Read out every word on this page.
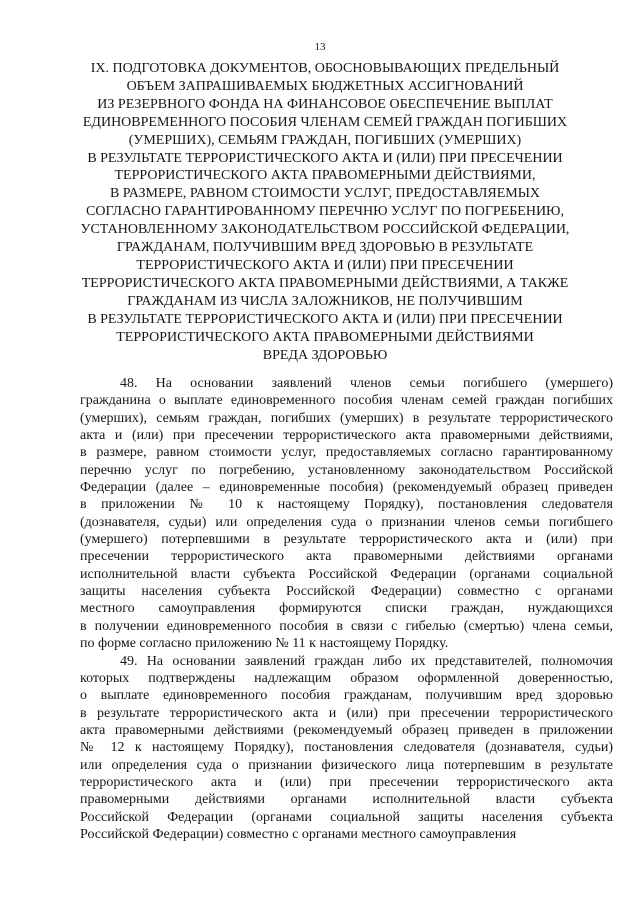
13
IX. ПОДГОТОВКА ДОКУМЕНТОВ, ОБОСНОВЫВАЮЩИХ ПРЕДЕЛЬНЫЙ
ОБЪЕМ ЗАПРАШИВАЕМЫХ БЮДЖЕТНЫХ АССИГНОВАНИЙ
ИЗ РЕЗЕРВНОГО ФОНДА НА ФИНАНСОВОЕ ОБЕСПЕЧЕНИЕ ВЫПЛАТ
ЕДИНОВРЕМЕННОГО ПОСОБИЯ ЧЛЕНАМ СЕМЕЙ ГРАЖДАН ПОГИБШИХ
(УМЕРШИХ), СЕМЬЯМ ГРАЖДАН, ПОГИБШИХ (УМЕРШИХ)
В РЕЗУЛЬТАТЕ ТЕРРОРИСТИЧЕСКОГО АКТА И (ИЛИ) ПРИ ПРЕСЕЧЕНИИ
ТЕРРОРИСТИЧЕСКОГО АКТА ПРАВОМЕРНЫМИ ДЕЙСТВИЯМИ,
В РАЗМЕРЕ, РАВНОМ СТОИМОСТИ УСЛУГ, ПРЕДОСТАВЛЯЕМЫХ
СОГЛАСНО ГАРАНТИРОВАННОМУ ПЕРЕЧНЮ УСЛУГ ПО ПОГРЕБЕНИЮ,
УСТАНОВЛЕННОМУ ЗАКОНОДАТЕЛЬСТВОМ РОССИЙСКОЙ ФЕДЕРАЦИИ,
ГРАЖДАНАМ, ПОЛУЧИВШИМ ВРЕД ЗДОРОВЬЮ В РЕЗУЛЬТАТЕ
ТЕРРОРИСТИЧЕСКОГО АКТА И (ИЛИ) ПРИ ПРЕСЕЧЕНИИ
ТЕРРОРИСТИЧЕСКОГО АКТА ПРАВОМЕРНЫМИ ДЕЙСТВИЯМИ, А ТАКЖЕ
ГРАЖДАНАМ ИЗ ЧИСЛА ЗАЛОЖНИКОВ, НЕ ПОЛУЧИВШИМ
В РЕЗУЛЬТАТЕ ТЕРРОРИСТИЧЕСКОГО АКТА И (ИЛИ) ПРИ ПРЕСЕЧЕНИИ
ТЕРРОРИСТИЧЕСКОГО АКТА ПРАВОМЕРНЫМИ ДЕЙСТВИЯМИ
ВРЕДА ЗДОРОВЬЮ
48. На основании заявлений членов семьи погибшего (умершего)
гражданина о выплате единовременного пособия членам семей граждан погибших
(умерших), семьям граждан, погибших (умерших) в результате террористического
акта и (или) при пресечении террористического акта правомерными действиями,
в размере, равном стоимости услуг, предоставляемых согласно гарантированному
перечню услуг по погребению, установленному законодательством Российской
Федерации (далее – единовременные пособия) (рекомендуемый образец приведен
в приложении № 10 к настоящему Порядку), постановления следователя
(дознавателя, судьи) или определения суда о признании членов семьи погибшего
(умершего) потерпевшими в результате террористического акта и (или) при
пресечении террористического акта правомерными действиями органами
исполнительной власти субъекта Российской Федерации (органами социальной
защиты населения субъекта Российской Федерации) совместно с органами
местного самоуправления формируются списки граждан, нуждающихся
в получении единовременного пособия в связи с гибелью (смертью) члена семьи,
по форме согласно приложению № 11 к настоящему Порядку.
49. На основании заявлений граждан либо их представителей, полномочия
которых подтверждены надлежащим образом оформленной доверенностью,
о выплате единовременного пособия гражданам, получившим вред здоровью
в результате террористического акта и (или) при пресечении террористического
акта правомерными действиями (рекомендуемый образец приведен в приложении
№ 12 к настоящему Порядку), постановления следователя (дознавателя, судьи)
или определения суда о признании физического лица потерпевшим в результате
террористического акта и (или) при пресечении террористического акта
правомерными действиями органами исполнительной власти субъекта
Российской Федерации (органами социальной защиты населения субъекта
Российской Федерации) совместно с органами местного самоуправления
